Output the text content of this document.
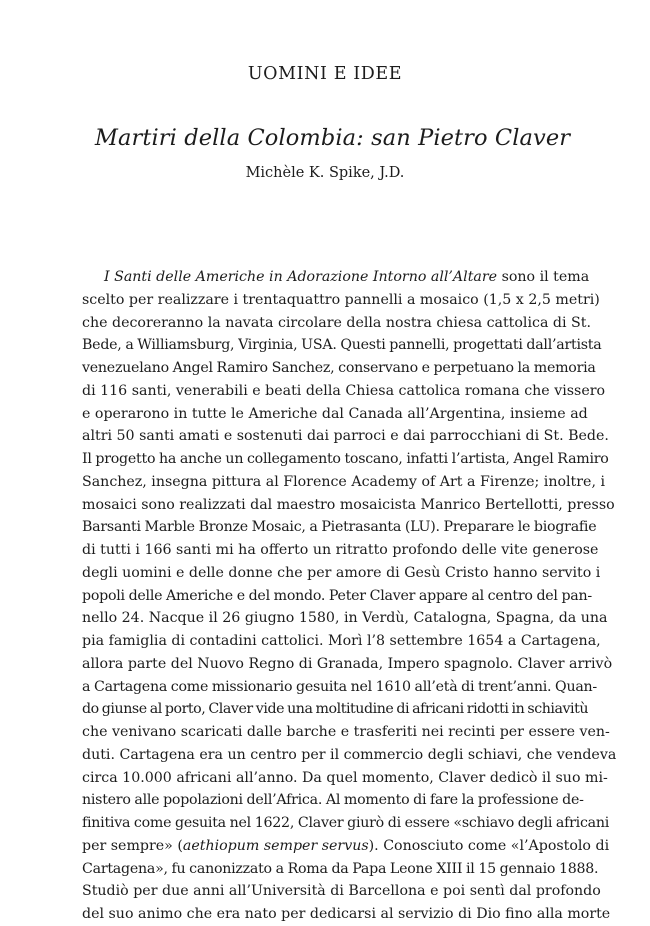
UOMINI E IDEE
Martiri della Colombia: san Pietro Claver
Michèle K. Spike, J.D.
I Santi delle Americhe in Adorazione Intorno all’Altare sono il tema
scelto per realizzare i trentaquattro pannelli a mosaico (1,5 x 2,5 metri)
che decoreranno la navata circolare della nostra chiesa cattolica di St.
Bede, a Williamsburg, Virginia, USA. Questi pannelli, progettati dall’artista
venezuelano Angel Ramiro Sanchez, conservano e perpetuano la memoria
di 116 santi, venerabili e beati della Chiesa cattolica romana che vissero
e operarono in tutte le Americhe dal Canada all’Argentina, insieme ad
altri 50 santi amati e sostenuti dai parroci e dai parrocchiani di St. Bede.
Il progetto ha anche un collegamento toscano, infatti l’artista, Angel Ramiro
Sanchez, insegna pittura al Florence Academy of Art a Firenze; inoltre, i
mosaici sono realizzati dal maestro mosaicista Manrico Bertellotti, presso
Barsanti Marble Bronze Mosaic, a Pietrasanta (LU). Preparare le biografie
di tutti i 166 santi mi ha offerto un ritratto profondo delle vite generose
degli uomini e delle donne che per amore di Gesù Cristo hanno servito i
popoli delle Americhe e del mondo. Peter Claver appare al centro del pan-
nello 24. Nacque il 26 giugno 1580, in Verdù, Catalogna, Spagna, da una
pia famiglia di contadini cattolici. Morì l’8 settembre 1654 a Cartagena,
allora parte del Nuovo Regno di Granada, Impero spagnolo. Claver arrivò
a Cartagena come missionario gesuita nel 1610 all’età di trent’anni. Quan-
do giunse al porto, Claver vide una moltitudine di africani ridotti in schiavitù
che venivano scaricati dalle barche e trasferiti nei recinti per essere ven-
duti. Cartagena era un centro per il commercio degli schiavi, che vendeva
circa 10.000 africani all’anno. Da quel momento, Claver dedicò il suo mi-
nistero alle popolazioni dell’Africa. Al momento di fare la professione de-
finitiva come gesuita nel 1622, Claver giurò di essere «schiavo degli africani
per sempre» (aethiopum semper servus). Conosciuto come «l’Apostolo di
Cartagena», fu canonizzato a Roma da Papa Leone XIII il 15 gennaio 1888.
Studiò per due anni all’Università di Barcellona e poi sentì dal profondo
del suo animo che era nato per dedicarsi al servizio di Dio fino alla morte
